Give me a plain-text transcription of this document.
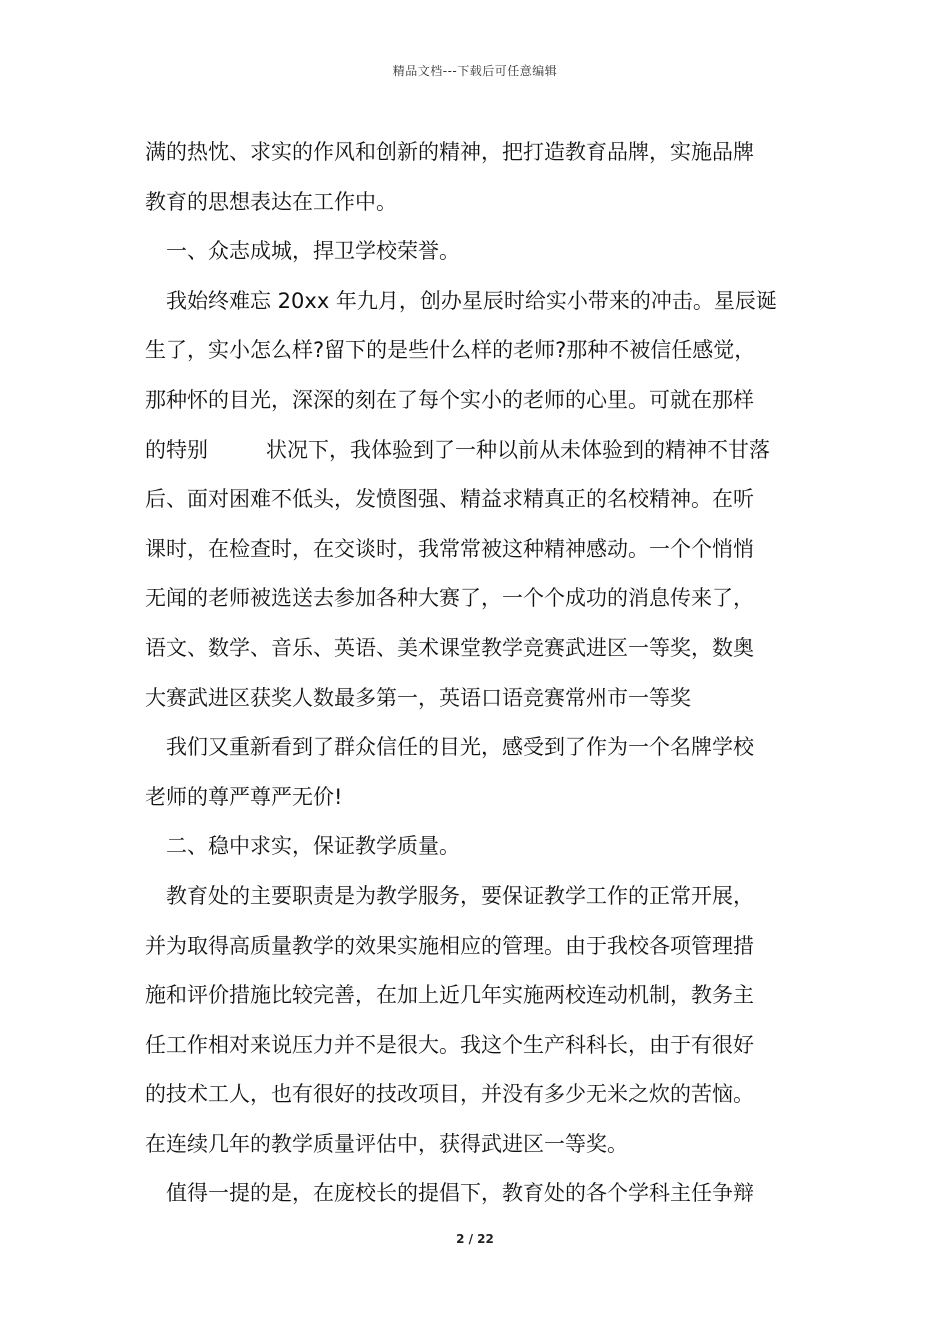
精品文档---下载后可任意编辑
满的热忱、求实的作风和创新的精神，把打造教育品牌，实施品牌
教育的思想表达在工作中。
一、众志成城，捍卫学校荣誉。
我始终难忘 20xx 年九月，创办星辰时给实小带来的冲击。星辰诞
生了，实小怎么样?留下的是些什么样的老师?那种不被信任感觉，
那种怀的目光，深深的刻在了每个实小的老师的心里。可就在那样
的特别	状况下，我体验到了一种以前从未体验到的精神不甘落
后、面对困难不低头，发愤图强、精益求精真正的名校精神。在听
课时，在检查时，在交谈时，我常常被这种精神感动。一个个悄悄
无闻的老师被选送去参加各种大赛了，一个个成功的消息传来了，
语文、数学、音乐、英语、美术课堂教学竞赛武进区一等奖，数奥
大赛武进区获奖人数最多第一，英语口语竞赛常州市一等奖
我们又重新看到了群众信任的目光，感受到了作为一个名牌学校
老师的尊严尊严无价!
二、稳中求实，保证教学质量。
教育处的主要职责是为教学服务，要保证教学工作的正常开展，
并为取得高质量教学的效果实施相应的管理。由于我校各项管理措
施和评价措施比较完善，在加上近几年实施两校连动机制，教务主
任工作相对来说压力并不是很大。我这个生产科科长，由于有很好
的技术工人，也有很好的技改项目，并没有多少无米之炊的苦恼。
在连续几年的教学质量评估中，获得武进区一等奖。
值得一提的是，在庞校长的提倡下，教育处的各个学科主任争辩
2 / 22
